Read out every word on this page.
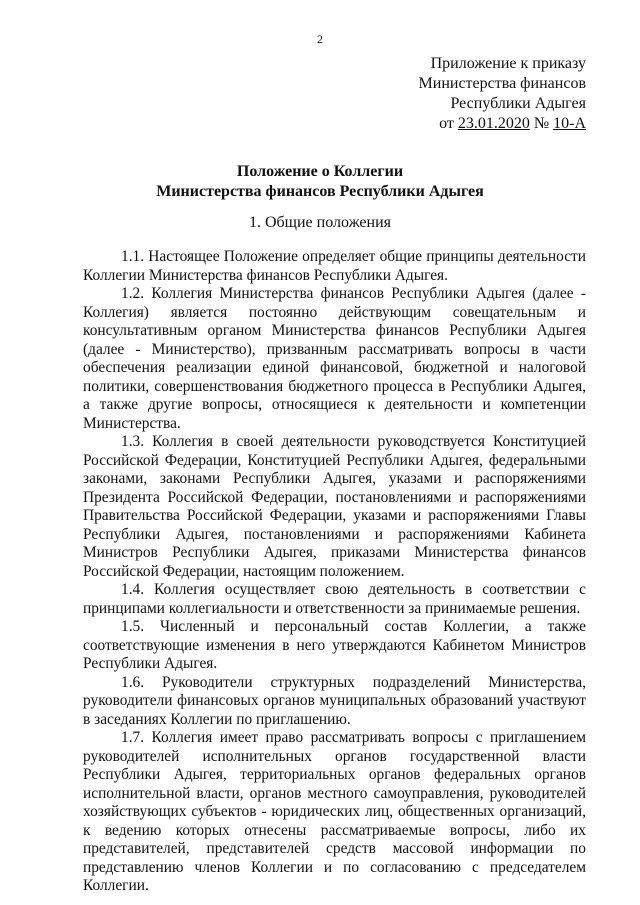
2
Приложение к приказу
Министерства финансов
Республики Адыгея
от 23.01.2020 № 10-А
Положение о Коллегии
Министерства финансов Республики Адыгея
1. Общие положения

1.1. Настоящее Положение определяет общие принципы деятельности Коллегии Министерства финансов Республики Адыгея.

1.2. Коллегия Министерства финансов Республики Адыгея (далее - Коллегия) является постоянно действующим совещательным и консультативным органом Министерства финансов Республики Адыгея (далее - Министерство), призванным рассматривать вопросы в части обеспечения реализации единой финансовой, бюджетной и налоговой политики, совершенствования бюджетного процесса в Республики Адыгея, а также другие вопросы, относящиеся к деятельности и компетенции Министерства.

1.3. Коллегия в своей деятельности руководствуется Конституцией Российской Федерации, Конституцией Республики Адыгея, федеральными законами, законами Республики Адыгея, указами и распоряжениями Президента Российской Федерации, постановлениями и распоряжениями Правительства Российской Федерации, указами и распоряжениями Главы Республики Адыгея, постановлениями и распоряжениями Кабинета Министров Республики Адыгея, приказами Министерства финансов Российской Федерации, настоящим положением.

1.4. Коллегия осуществляет свою деятельность в соответствии с принципами коллегиальности и ответственности за принимаемые решения.

1.5. Численный и персональный состав Коллегии, а также соответствующие изменения в него утверждаются Кабинетом Министров Республики Адыгея.

1.6. Руководители структурных подразделений Министерства, руководители финансовых органов муниципальных образований участвуют в заседаниях Коллегии по приглашению.

1.7. Коллегия имеет право рассматривать вопросы с приглашением руководителей исполнительных органов государственной власти Республики Адыгея, территориальных органов федеральных органов исполнительной власти, органов местного самоуправления, руководителей хозяйствующих субъектов - юридических лиц, общественных организаций, к ведению которых отнесены рассматриваемые вопросы, либо их представителей, представителей средств массовой информации по представлению членов Коллегии и по согласованию с председателем Коллегии.
